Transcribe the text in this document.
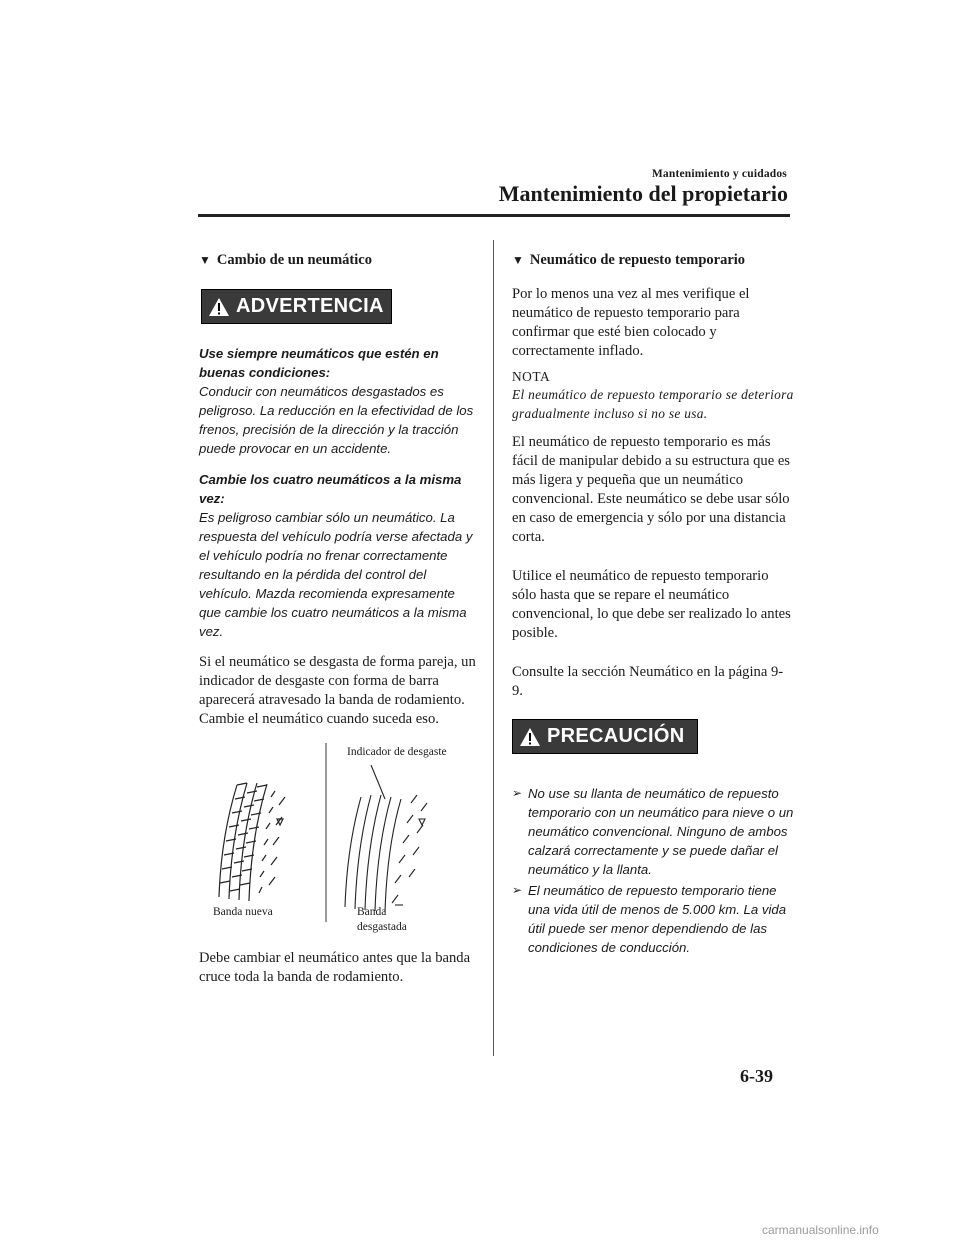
Mantenimiento y cuidados
Mantenimiento del propietario
▼ Cambio de un neumático
ADVERTENCIA

Use siempre neumáticos que estén en buenas condiciones:

Conducir con neumáticos desgastados es peligroso. La reducción en la efectividad de los frenos, precisión de la dirección y la tracción puede provocar en un accidente.

Cambie los cuatro neumáticos a la misma vez:

Es peligroso cambiar sólo un neumático. La respuesta del vehículo podría verse afectada y el vehículo podría no frenar correctamente resultando en la pérdida del control del vehículo. Mazda recomienda expresamente que cambie los cuatro neumáticos a la misma vez.

Si el neumático se desgasta de forma pareja, un indicador de desgaste con forma de barra aparecerá atravesado la banda de rodamiento.

Cambie el neumático cuando suceda eso.

Indicador de desgaste
Banda nueva	Banda
desgastada

Debe cambiar el neumático antes que la banda cruce toda la banda de rodamiento.

▼ Neumático de repuesto temporario

Por lo menos una vez al mes verifique el neumático de repuesto temporario para confirmar que esté bien colocado y correctamente inflado.

NOTA

El neumático de repuesto temporario se deteriora gradualmente incluso si no se usa.

El neumático de repuesto temporario es más fácil de manipular debido a su estructura que es más ligera y pequeña que un neumático convencional. Este neumático se debe usar sólo en caso de emergencia y sólo por una distancia corta.

Utilice el neumático de repuesto temporario sólo hasta que se repare el neumático convencional, lo que debe ser realizado lo antes posible.

Consulte la sección Neumático en la página 9-9.

PRECAUCIÓN
➢ No use su llanta de neumático de repuesto temporario con un neumático para nieve o un neumático convencional. Ninguno de ambos calzará correctamente y se puede dañar el neumático y la llanta.
➢ El neumático de repuesto temporario tiene una vida útil de menos de 5.000 km. La vida útil puede ser menor dependiendo de las condiciones de conducción.
6-39
carmanualsonline.info
